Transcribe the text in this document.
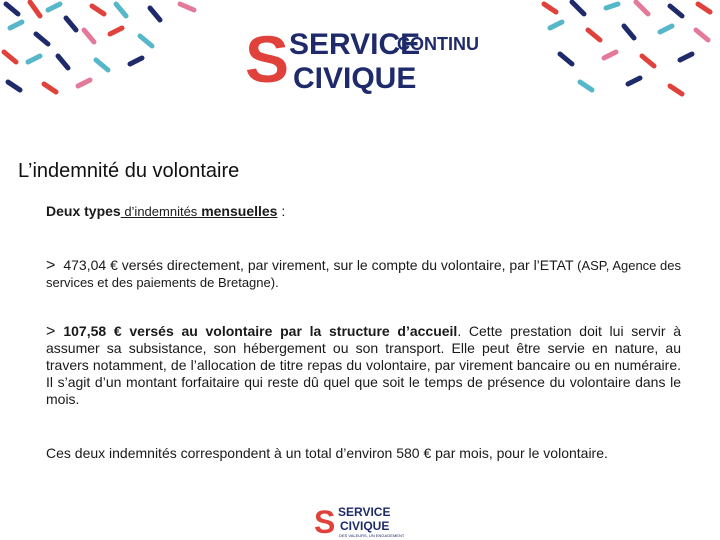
S SERVICE
CONTINU
CIVIQUE
L’indemnité du volontaire
Deux types d’indemnités mensuelles :
> 473,04 € versés directement, par virement, sur le compte du volontaire, par l’ETAT (ASP, Agence des services et des paiements de Bretagne).
> 107,58 € versés au volontaire par la structure d’accueil. Cette prestation doit lui servir à assumer sa subsistance, son hébergement ou son transport. Elle peut être servie en nature, au travers notamment, de l’allocation de titre repas du volontaire, par virement bancaire ou en numéraire. Il s’agit d’un montant forfaitaire qui reste dû quel que soit le temps de présence du volontaire dans le mois.
Ces deux indemnités correspondent à un total d’environ 580 € par mois, pour le volontaire.
S SERVICE
CIVIQUE
DES VALEURS, UN ENGAGEMENT
